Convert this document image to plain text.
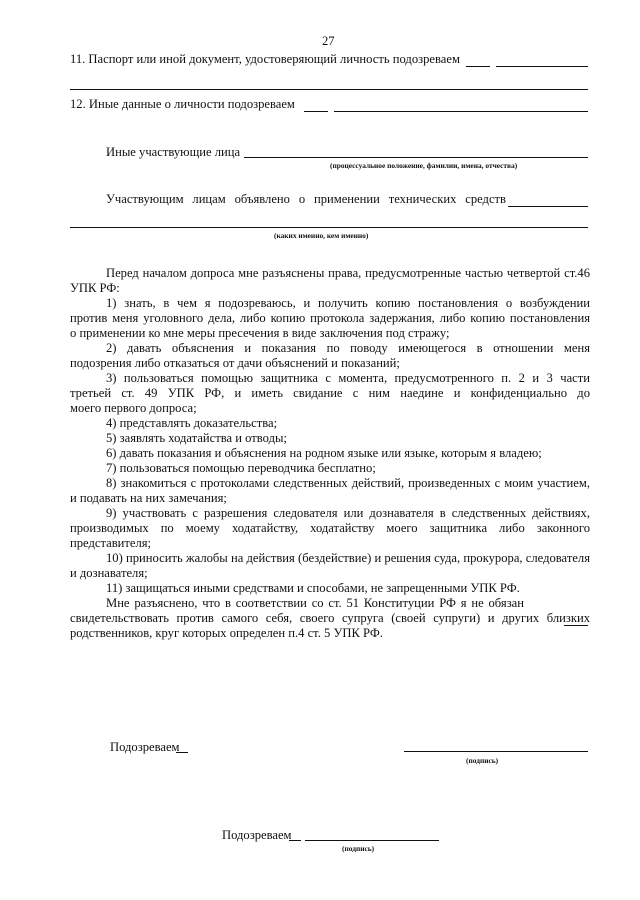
27
11. Паспорт или иной документ, удостоверяющий личность подозреваем
12. Иные данные о личности подозреваем
Иные участвующие лица
(процессуальное положение, фамилии, имена, отчества)
Участвующим лицам объявлено о применении технических средств
(каких именно, кем именно)
Перед началом допроса мне разъяснены права, предусмотренные частью четвертой ст.46
УПК РФ:
1) знать, в чем я подозреваюсь, и получить копию постановления о возбуждении
против меня уголовного дела, либо копию протокола задержания, либо копию постановления
о применении ко мне меры пресечения в виде заключения под стражу;
2) давать объяснения и показания по поводу имеющегося в отношении меня
подозрения либо отказаться от дачи объяснений и показаний;
3) пользоваться помощью защитника с момента, предусмотренного п. 2 и 3 части
третьей ст. 49 УПК РФ, и иметь свидание с ним наедине и конфиденциально до
моего первого допроса;
4) представлять доказательства;
5) заявлять ходатайства и отводы;
6) давать показания и объяснения на родном языке или языке, которым я владею;
7) пользоваться помощью переводчика бесплатно;
8) знакомиться с протоколами следственных действий, произведенных с моим участием,
и подавать на них замечания;
9) участвовать с разрешения следователя или дознавателя в следственных действиях,
производимых по моему ходатайству, ходатайству моего защитника либо законного
представителя;
10) приносить жалобы на действия (бездействие) и решения суда, прокурора, следователя
и дознавателя;
11) защищаться иными средствами и способами, не запрещенными УПК РФ.
Мне разъяснено, что в соответствии со ст. 51 Конституции РФ я не обязан
свидетельствовать против самого себя, своего супруга (своей супруги) и других близких
родственников, круг которых определен п.4 ст. 5 УПК РФ.
Подозреваем
(подпись)
Подозреваем
(подпись)
